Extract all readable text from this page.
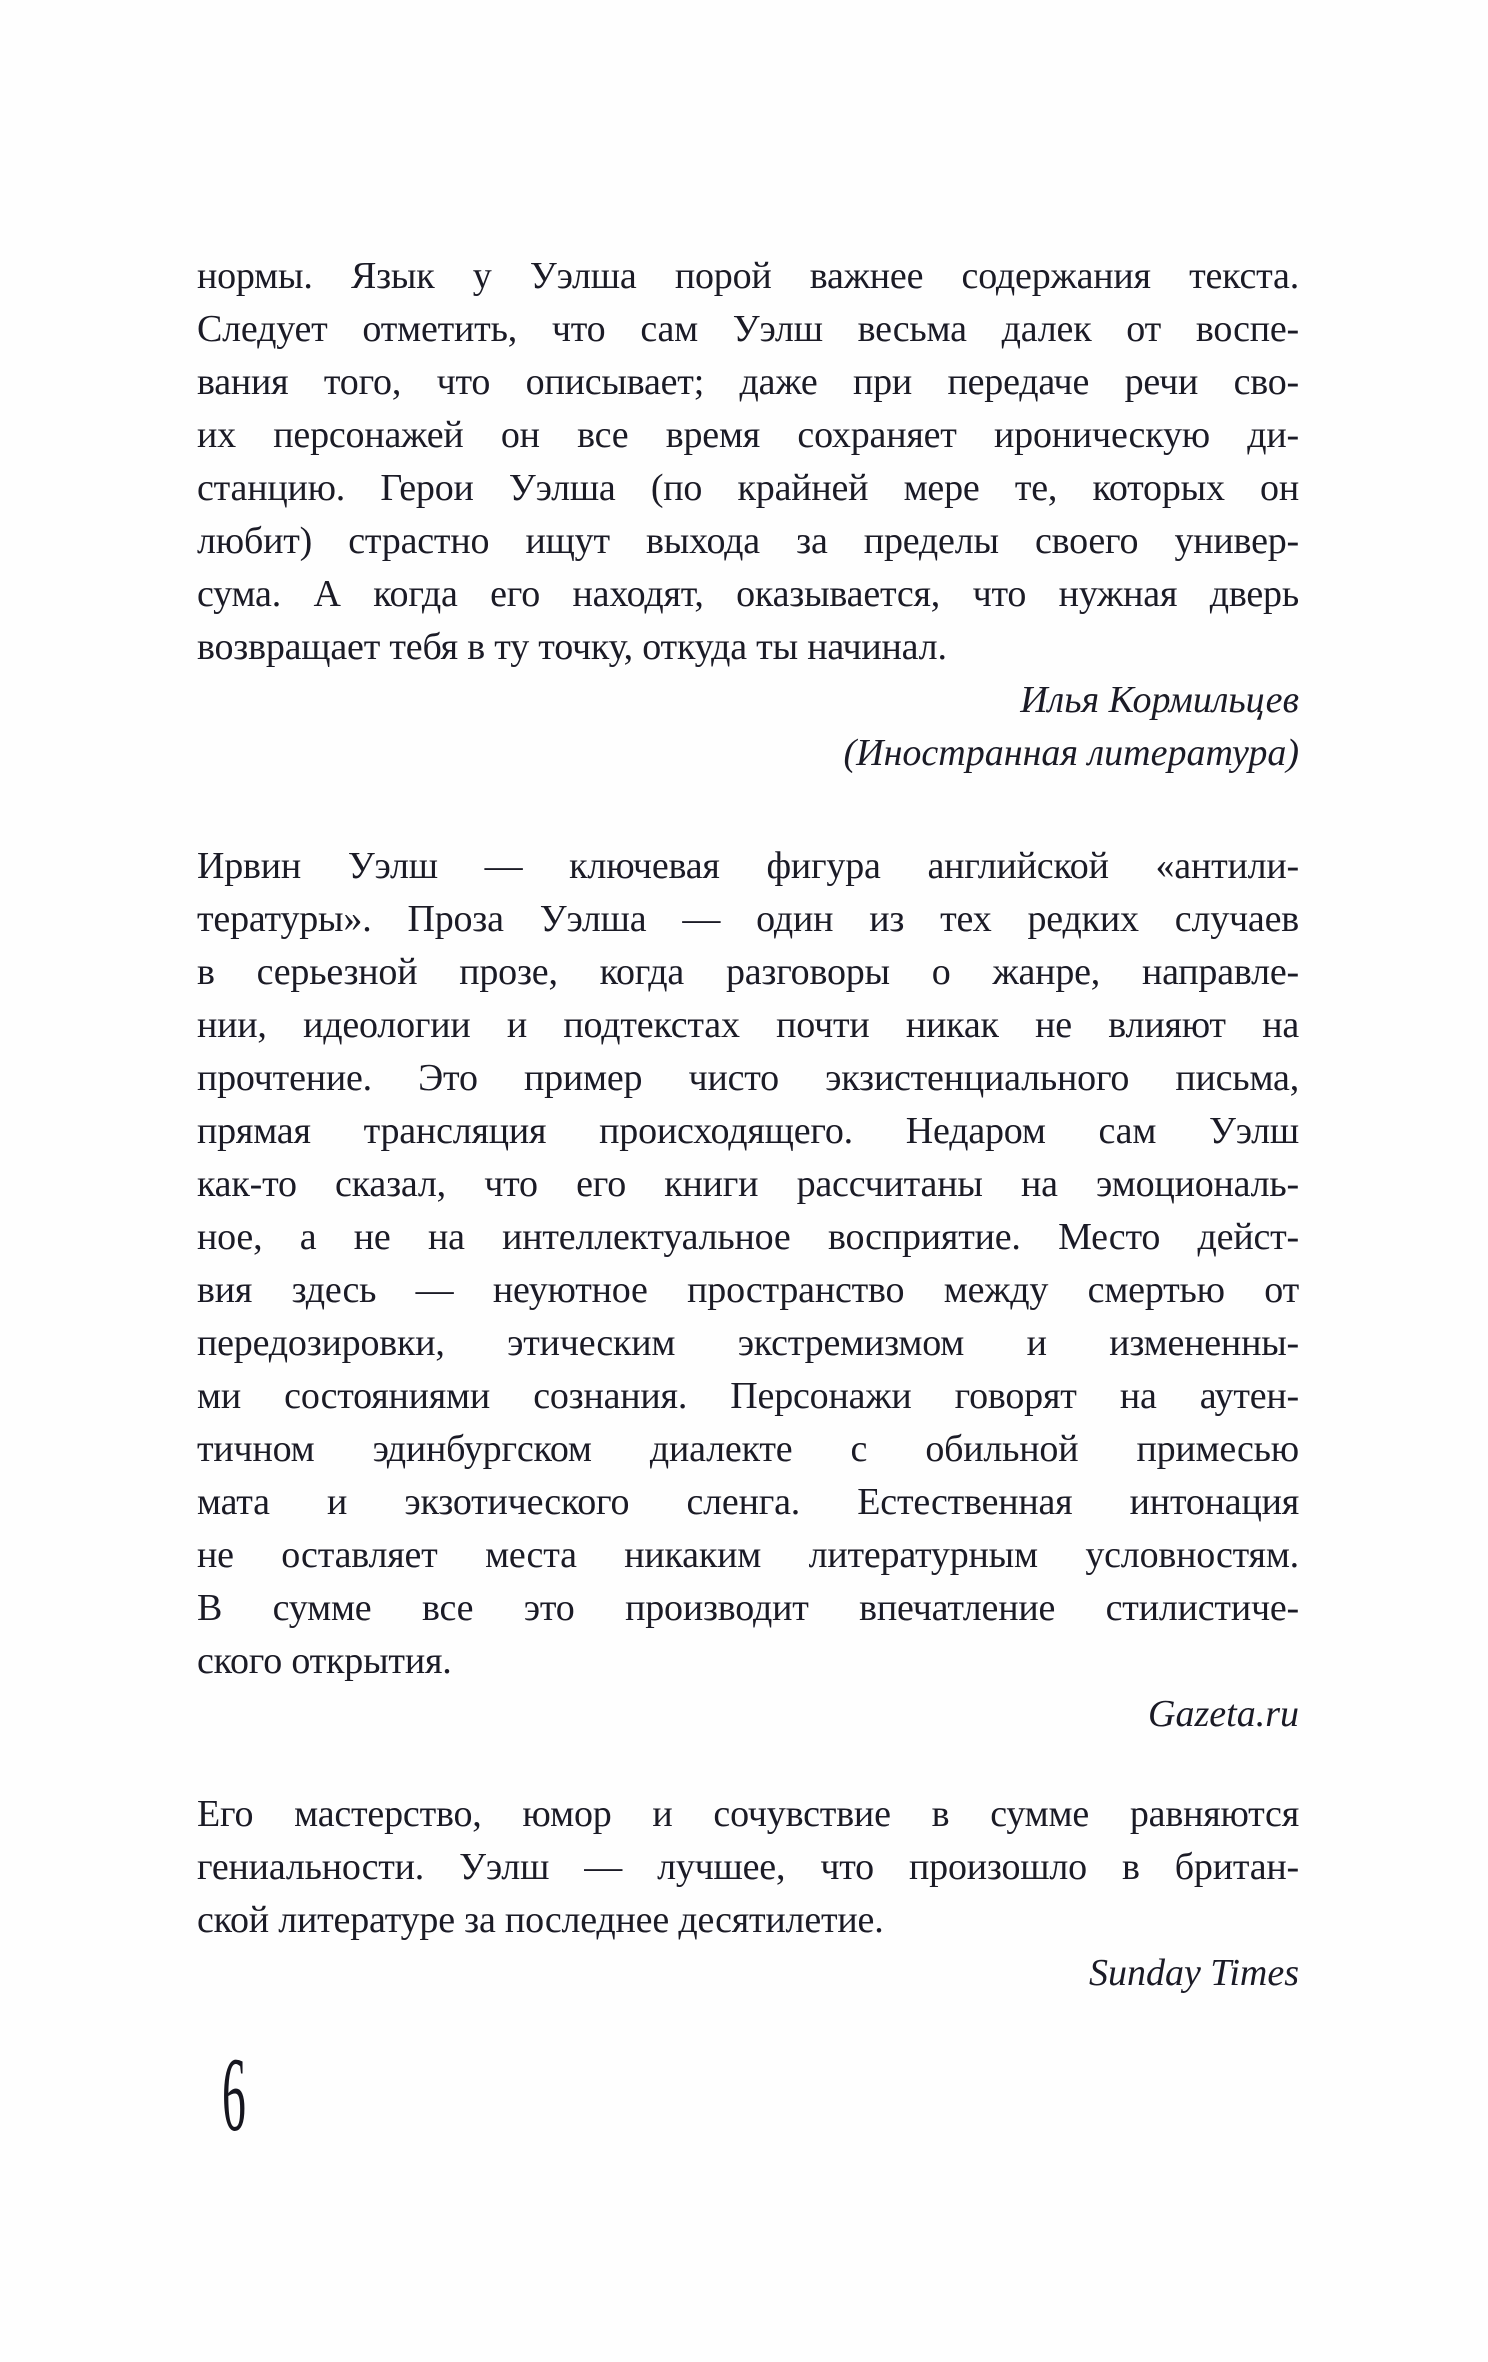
нормы. Язык у Уэлша порой важнее содержания текста.
Следует отметить, что сам Уэлш весьма далек от воспе-
вания того, что описывает; даже при передаче речи сво-
их персонажей он все время сохраняет ироническую ди-
станцию. Герои Уэлша (по крайней мере те, которых он
любит) страстно ищут выхода за пределы своего универ-
сума. А когда его находят, оказывается, что нужная дверь
возвращает тебя в ту точку, откуда ты начинал.
Илья Кормильцев
(Иностранная литература)
Ирвин Уэлш — ключевая фигура английской «антили-
тературы». Проза Уэлша — один из тех редких случаев
в серьезной прозе, когда разговоры о жанре, направле-
нии, идеологии и подтекстах почти никак не влияют на
прочтение. Это пример чисто экзистенциального письма,
прямая трансляция происходящего. Недаром сам Уэлш
как-то сказал, что его книги рассчитаны на эмоциональ-
ное, а не на интеллектуальное восприятие. Место дейст-
вия здесь — неуютное пространство между смертью от
передозировки, этическим экстремизмом и измененны-
ми состояниями сознания. Персонажи говорят на аутен-
тичном эдинбургском диалекте с обильной примесью
мата и экзотического сленга. Естественная интонация
не оставляет места никаким литературным условностям.
В сумме все это производит впечатление стилистиче-
ского открытия.
Gazeta.ru
Его мастерство, юмор и сочувствие в сумме равняются
гениальности. Уэлш — лучшее, что произошло в британ-
ской литературе за последнее десятилетие.
Sunday Times
6
